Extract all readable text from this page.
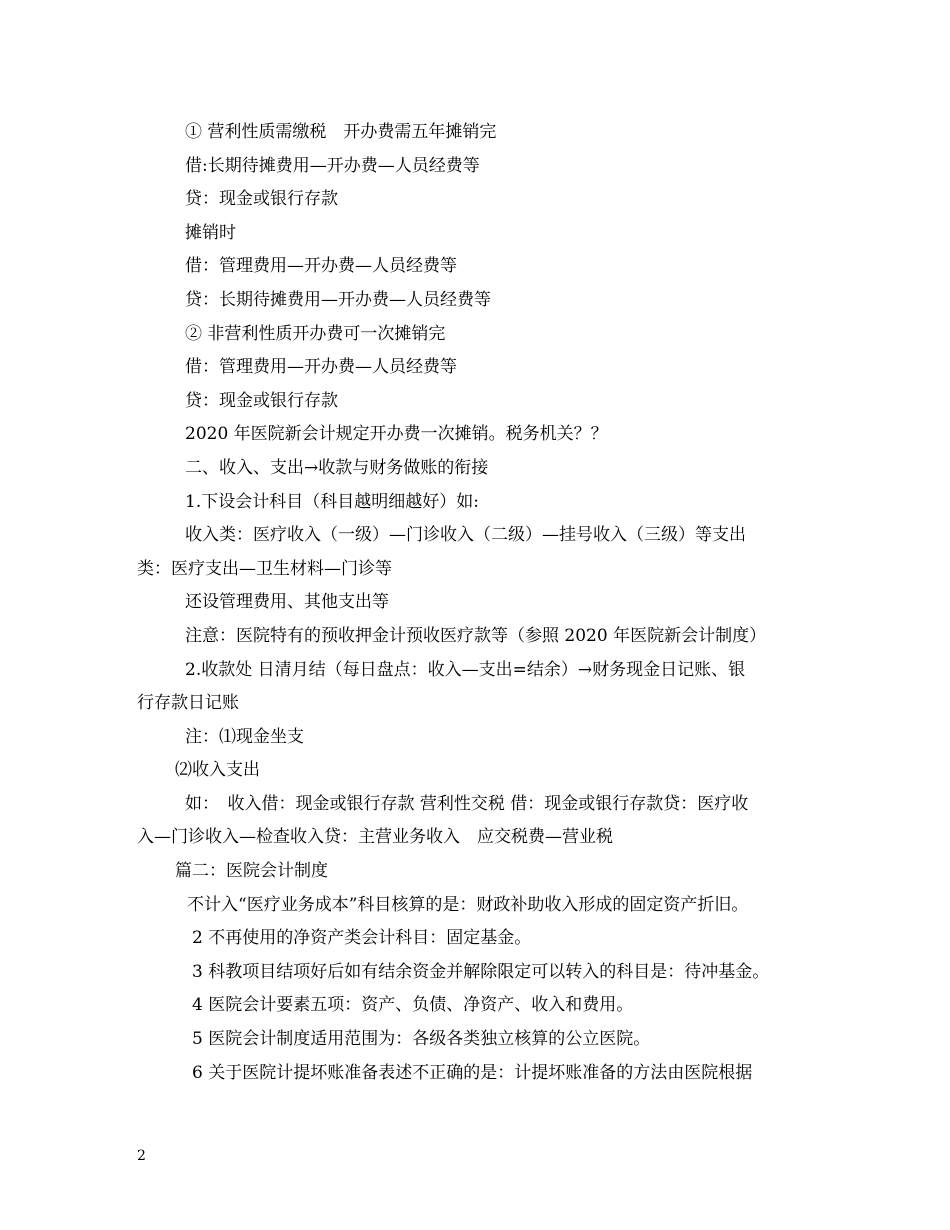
① 营利性质需缴税　开办费需五年摊销完
借:长期待摊费用—开办费—人员经费等
贷：现金或银行存款
摊销时
借：管理费用—开办费—人员经费等
贷：长期待摊费用—开办费—人员经费等
② 非营利性质开办费可一次摊销完
借：管理费用—开办费—人员经费等
贷：现金或银行存款
2020 年医院新会计规定开办费一次摊销。税务机关？？
二、收入、支出→收款与财务做账的衔接
1.下设会计科目（科目越明细越好）如:
收入类：医疗收入（一级）—门诊收入（二级）—挂号收入（三级）等支出
类：医疗支出—卫生材料—门诊等
还设管理费用、其他支出等
注意：医院特有的预收押金计预收医疗款等（参照 2020 年医院新会计制度）
2.收款处 日清月结（每日盘点：收入—支出=结余）→财务现金日记账、银
行存款日记账
注：⑴现金坐支
⑵收入支出
如：　收入借：现金或银行存款 营利性交税 借：现金或银行存款贷：医疗收
入—门诊收入—检查收入贷：主营业务收入　应交税费—营业税
篇二：医院会计制度
不计入“医疗业务成本”科目核算的是：财政补助收入形成的固定资产折旧。
2 不再使用的净资产类会计科目：固定基金。
3 科教项目结项好后如有结余资金并解除限定可以转入的科目是：待冲基金。
4 医院会计要素五项：资产、负债、净资产、收入和费用。
5 医院会计制度适用范围为：各级各类独立核算的公立医院。
6 关于医院计提坏账准备表述不正确的是：计提坏账准备的方法由医院根据
2
